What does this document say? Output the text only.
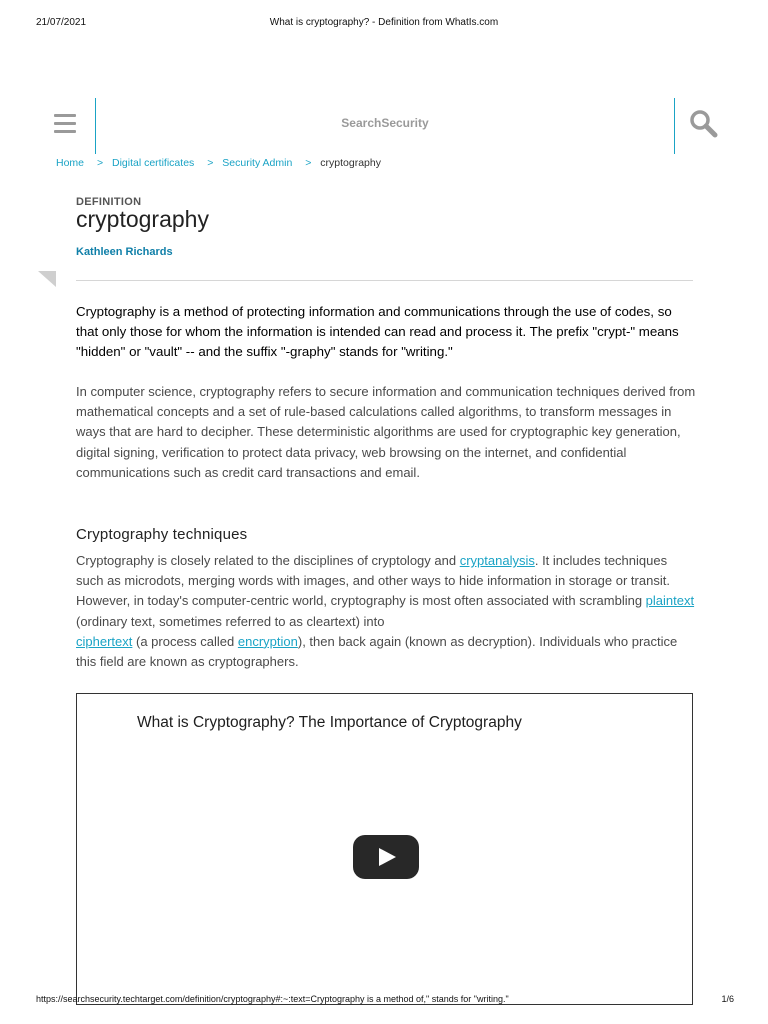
21/07/2021	What is cryptography? - Definition from WhatIs.com
SearchSecurity
Home > Digital certificates > Security Admin > cryptography
DEFINITION
cryptography
Kathleen Richards

Cryptography is a method of protecting information and communications through the use of codes, so that only those for whom the information is intended can read and process it. The prefix "crypt-" means "hidden" or "vault" -- and the suffix "-graphy" stands for "writing."

In computer science, cryptography refers to secure information and communication techniques derived from mathematical concepts and a set of rule-based calculations called algorithms, to transform messages in ways that are hard to decipher. These deterministic algorithms are used for cryptographic key generation, digital signing, verification to protect data privacy, web browsing on the internet, and confidential communications such as credit card transactions and email.

Cryptography techniques

Cryptography is closely related to the disciplines of cryptology and cryptanalysis. It includes techniques such as microdots, merging words with images, and other ways to hide information in storage or transit. However, in today's computer-centric world, cryptography is most often associated with scrambling plaintext (ordinary text, sometimes referred to as cleartext) into
ciphertext (a process called encryption), then back again (known as decryption). Individuals who practice this field are known as cryptographers.

What is Cryptography? The Importance of Cryptography
https://searchsecurity.techtarget.com/definition/cryptography#:~:text=Cryptography is a method of," stands for "writing."	1/6
